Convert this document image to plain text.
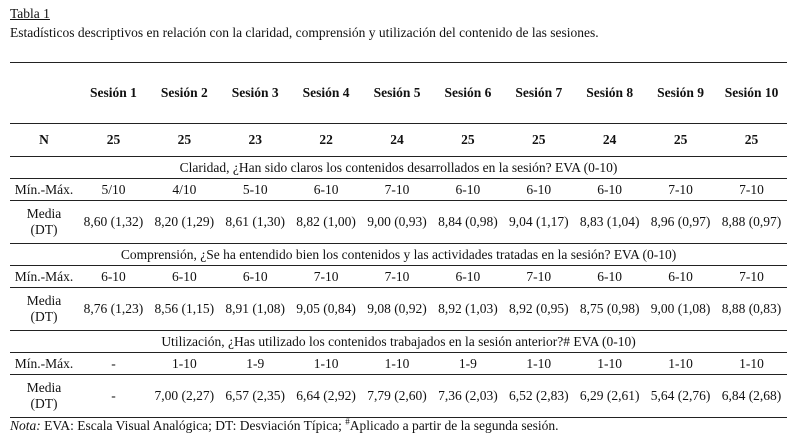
Tabla 1
Estadísticos descriptivos en relación con la claridad, comprensión y utilización del contenido de las sesiones.
	Sesión 1	Sesión 2	Sesión 3	Sesión 4	Sesión 5	Sesión 6	Sesión 7	Sesión 8	Sesión 9	Sesión 10
N	25	25	23	22	24	25	25	24	25	25
Claridad, ¿Han sido claros los contenidos desarrollados en la sesión? EVA (0-10)										
Mín.-Máx.	5/10	4/10	5-10	6-10	7-10	6-10	6-10	6-10	7-10	7-10

Media
(DT)	8,60 (1,32)	8,20 (1,29)	8,61 (1,30)	8,82 (1,00)	9,00 (0,93)	8,84 (0,98)	9,04 (1,17)	8,83 (1,04)	8,96 (0,97)	8,88 (0,97)
Comprensión, ¿Se ha entendido bien los contenidos y las actividades tratadas en la sesión? EVA (0-10)										
Mín.-Máx.	6-10	6-10	6-10	7-10	7-10	6-10	7-10	6-10	6-10	7-10

Media
(DT)	8,76 (1,23)	8,56 (1,15)	8,91 (1,08)	9,05 (0,84)	9,08 (0,92)	8,92 (1,03)	8,92 (0,95)	8,75 (0,98)	9,00 (1,08)	8,88 (0,83)
Utilización, ¿Has utilizado los contenidos trabajados en la sesión anterior?# EVA (0-10)										
Mín.-Máx.	-	1-10	1-9	1-10	1-10	1-9	1-10	1-10	1-10	1-10

Media
(DT)	-	7,00 (2,27)	6,57 (2,35)	6,64 (2,92)	7,79 (2,60)	7,36 (2,03)	6,52 (2,83)	6,29 (2,61)	5,64 (2,76)	6,84 (2,68)
Nota: EVA: Escala Visual Analógica; DT: Desviación Típica; #Aplicado a partir de la segunda sesión.
